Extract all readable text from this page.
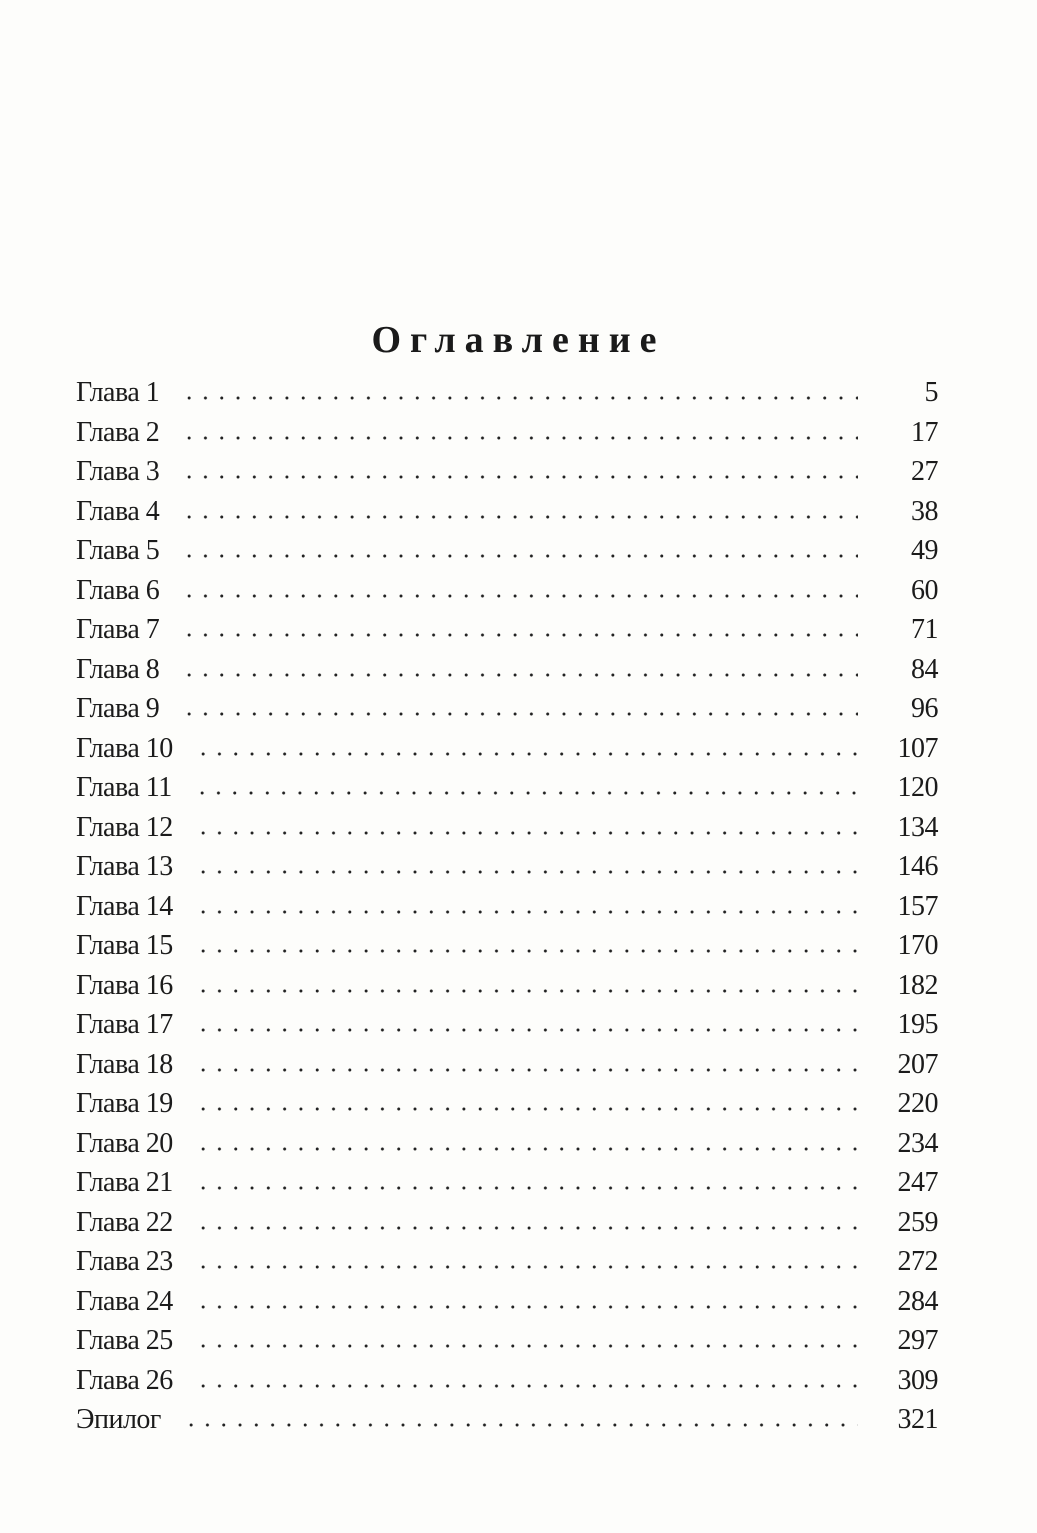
Оглавление
Глава 1	5
Глава 2	17
Глава 3	27
Глава 4	38
Глава 5	49
Глава 6	60
Глава 7	71
Глава 8	84
Глава 9	96
Глава 10	107
Глава 11	120
Глава 12	134
Глава 13	146
Глава 14	157
Глава 15	170
Глава 16	182
Глава 17	195
Глава 18	207
Глава 19	220
Глава 20	234
Глава 21	247
Глава 22	259
Глава 23	272
Глава 24	284
Глава 25	297
Глава 26	309
Эпилог	321
